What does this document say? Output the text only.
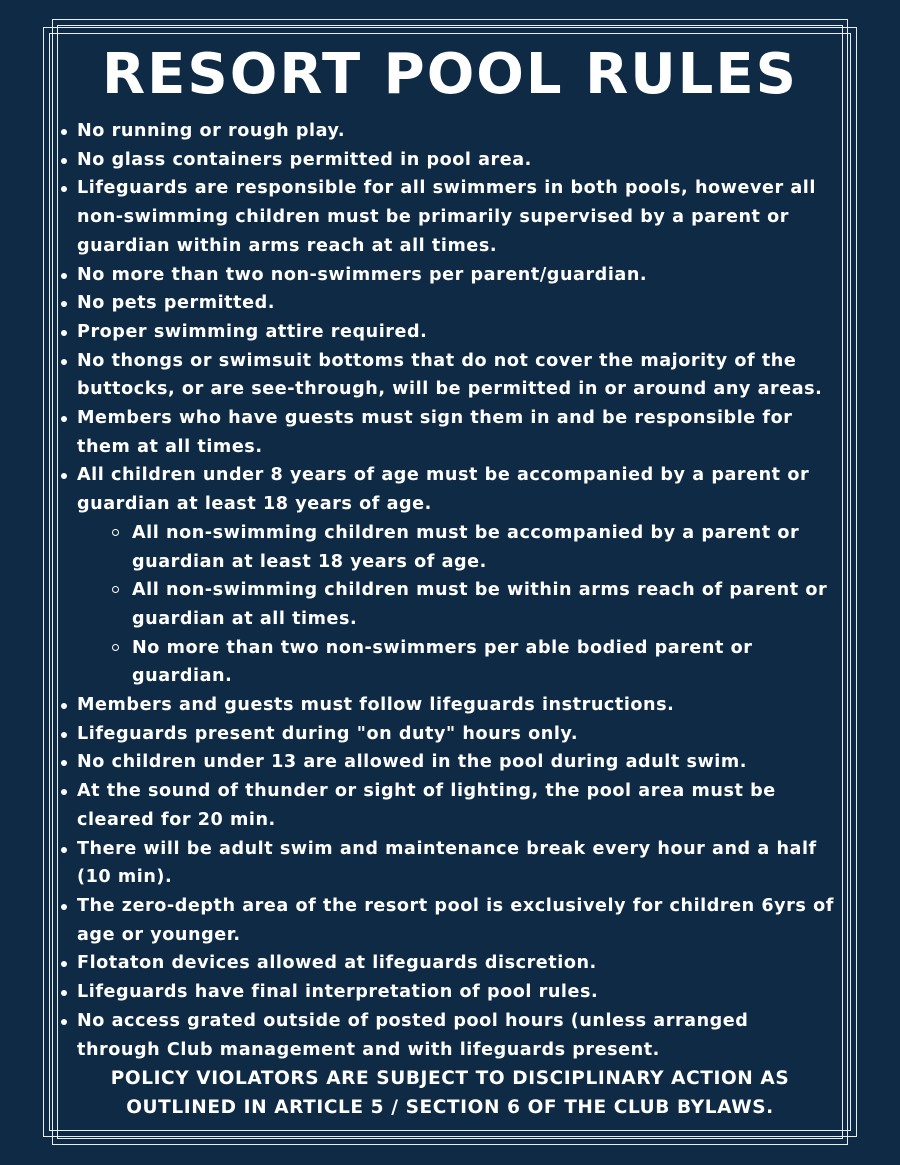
RESORT POOL RULES
No running or rough play.
No glass containers permitted in pool area.
Lifeguards are responsible for all swimmers in both pools, however all non-swimming children must be primarily supervised by a parent or guardian within arms reach at all times.
No more than two non-swimmers per parent/guardian.
No pets permitted.
Proper swimming attire required.
No thongs or swimsuit bottoms that do not cover the majority of the buttocks, or are see-through, will be permitted in or around any areas.
Members who have guests must sign them in and be responsible for them at all times.
All children under 8 years of age must be accompanied by a parent or guardian at least 18 years of age.
All non-swimming children must be accompanied by a parent or guardian at least 18 years of age.
All non-swimming children must be within arms reach of parent or guardian at all times.
No more than two non-swimmers per able bodied parent or guardian.
Members and guests must follow lifeguards instructions.
Lifeguards present during "on duty" hours only.
No children under 13 are allowed in the pool during adult swim.
At the sound of thunder or sight of lighting, the pool area must be cleared for 20 min.
There will be adult swim and maintenance break every hour and a half (10 min).
The zero-depth area of the resort pool is exclusively for children 6yrs of age or younger.
Flotaton devices allowed at lifeguards discretion.
Lifeguards have final interpretation of pool rules.
No access grated outside of posted pool hours (unless arranged through Club management and with lifeguards present.
POLICY VIOLATORS ARE SUBJECT TO DISCIPLINARY ACTION AS
OUTLINED IN ARTICLE 5 / SECTION 6 OF THE CLUB BYLAWS.
